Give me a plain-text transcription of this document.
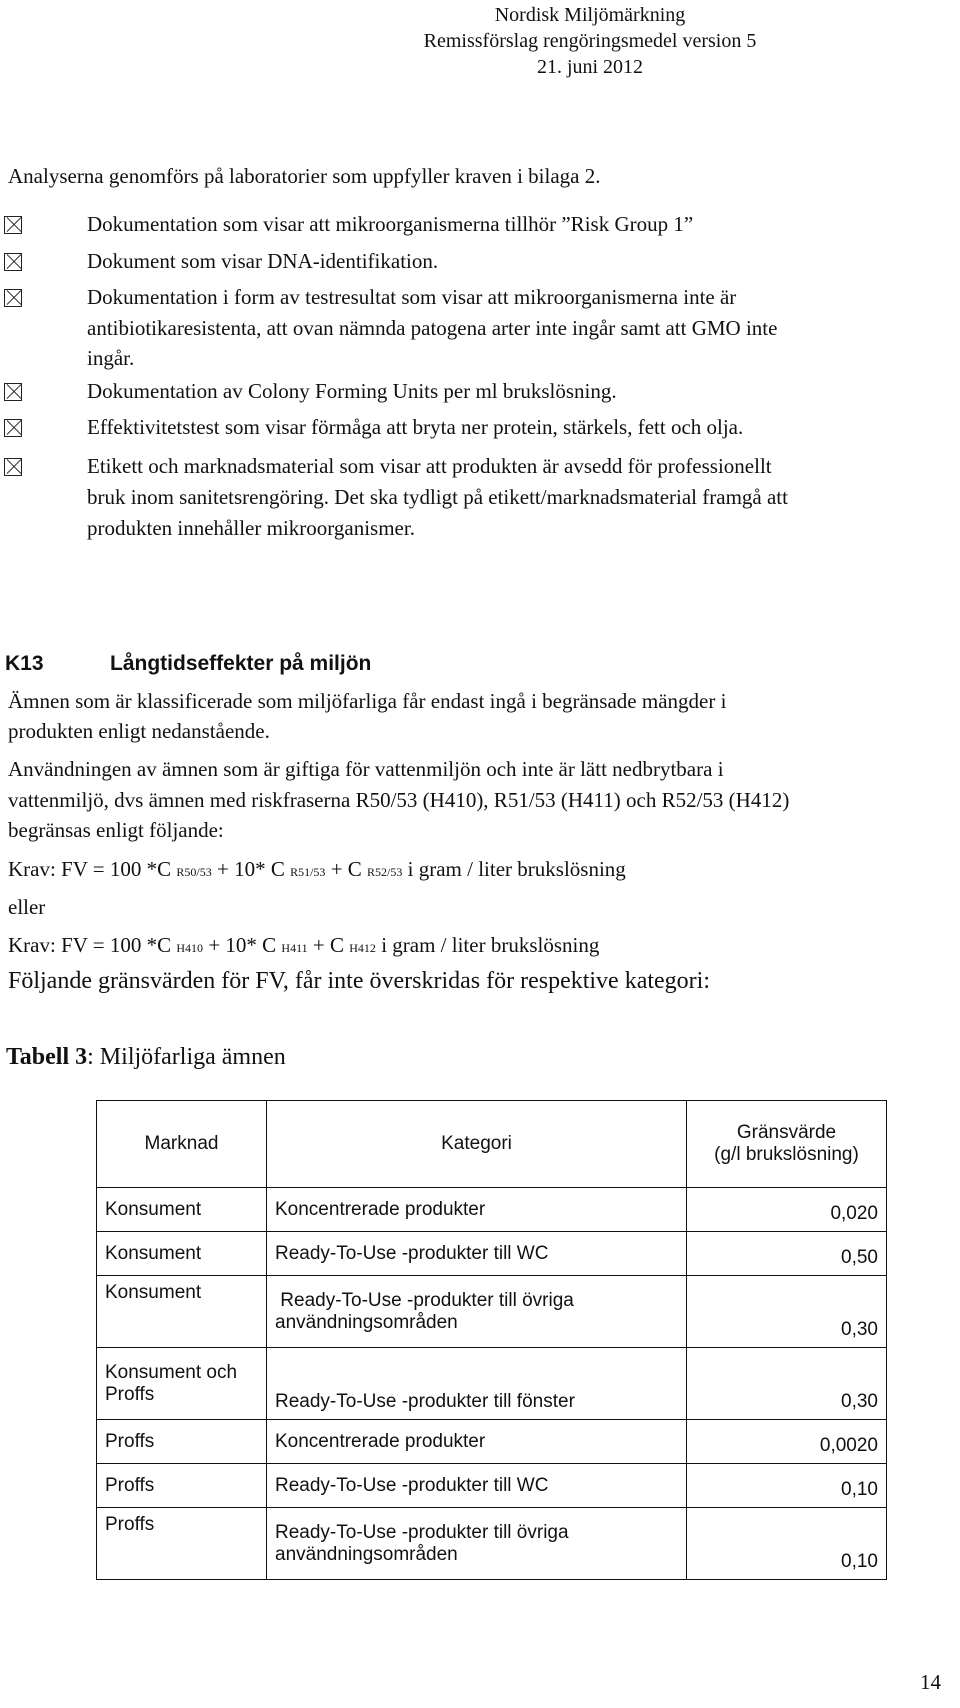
Nordisk Miljömärkning
Remissförslag rengöringsmedel version 5
21. juni 2012
Analyserna genomförs på laboratorier som uppfyller kraven i bilaga 2.
Dokumentation som visar att mikroorganismerna tillhör ”Risk Group 1”
Dokument som visar DNA-identifikation.
Dokumentation i form av testresultat som visar att mikroorganismerna inte är
antibiotikaresistenta, att ovan nämnda patogena arter inte ingår samt att GMO inte
ingår.
Dokumentation av Colony Forming Units per ml brukslösning.
Effektivitetstest som visar förmåga att bryta ner protein, stärkels, fett och olja.
Etikett och marknadsmaterial som visar att produkten är avsedd för professionellt
bruk inom sanitetsrengöring. Det ska tydligt på etikett/marknadsmaterial framgå att
produkten innehåller mikroorganismer.
K13	Långtidseffekter på miljön
Ämnen som är klassificerade som miljöfarliga får endast ingå i begränsade mängder i
produkten enligt nedanstående.
Användningen av ämnen som är giftiga för vattenmiljön och inte är lätt nedbrytbara i
vattenmiljö, dvs ämnen med riskfraserna R50/53 (H410), R51/53 (H411) och R52/53 (H412)
begränsas enligt följande:
Krav: FV = 100 *C R50/53 + 10* C R51/53 + C R52/53 i gram / liter brukslösning
eller
Krav: FV = 100 *C H410 + 10* C H411 + C H412 i gram / liter brukslösning
Följande gränsvärden för FV, får inte överskridas för respektive kategori:
Tabell 3: Miljöfarliga ämnen
Marknad	Kategori	Gränsvärde
(g/l brukslösning)
Konsument	Koncentrerade produkter	0,020
Konsument	Ready-To-Use -produkter till WC	0,50
Konsument	Ready-To-Use -produkter till övriga
användningsområden	0,30
Konsument och
Proffs	Ready-To-Use -produkter till fönster	0,30
Proffs	Koncentrerade produkter	0,0020
Proffs	Ready-To-Use -produkter till WC	0,10
Proffs	Ready-To-Use -produkter till övriga
användningsområden	0,10
14
